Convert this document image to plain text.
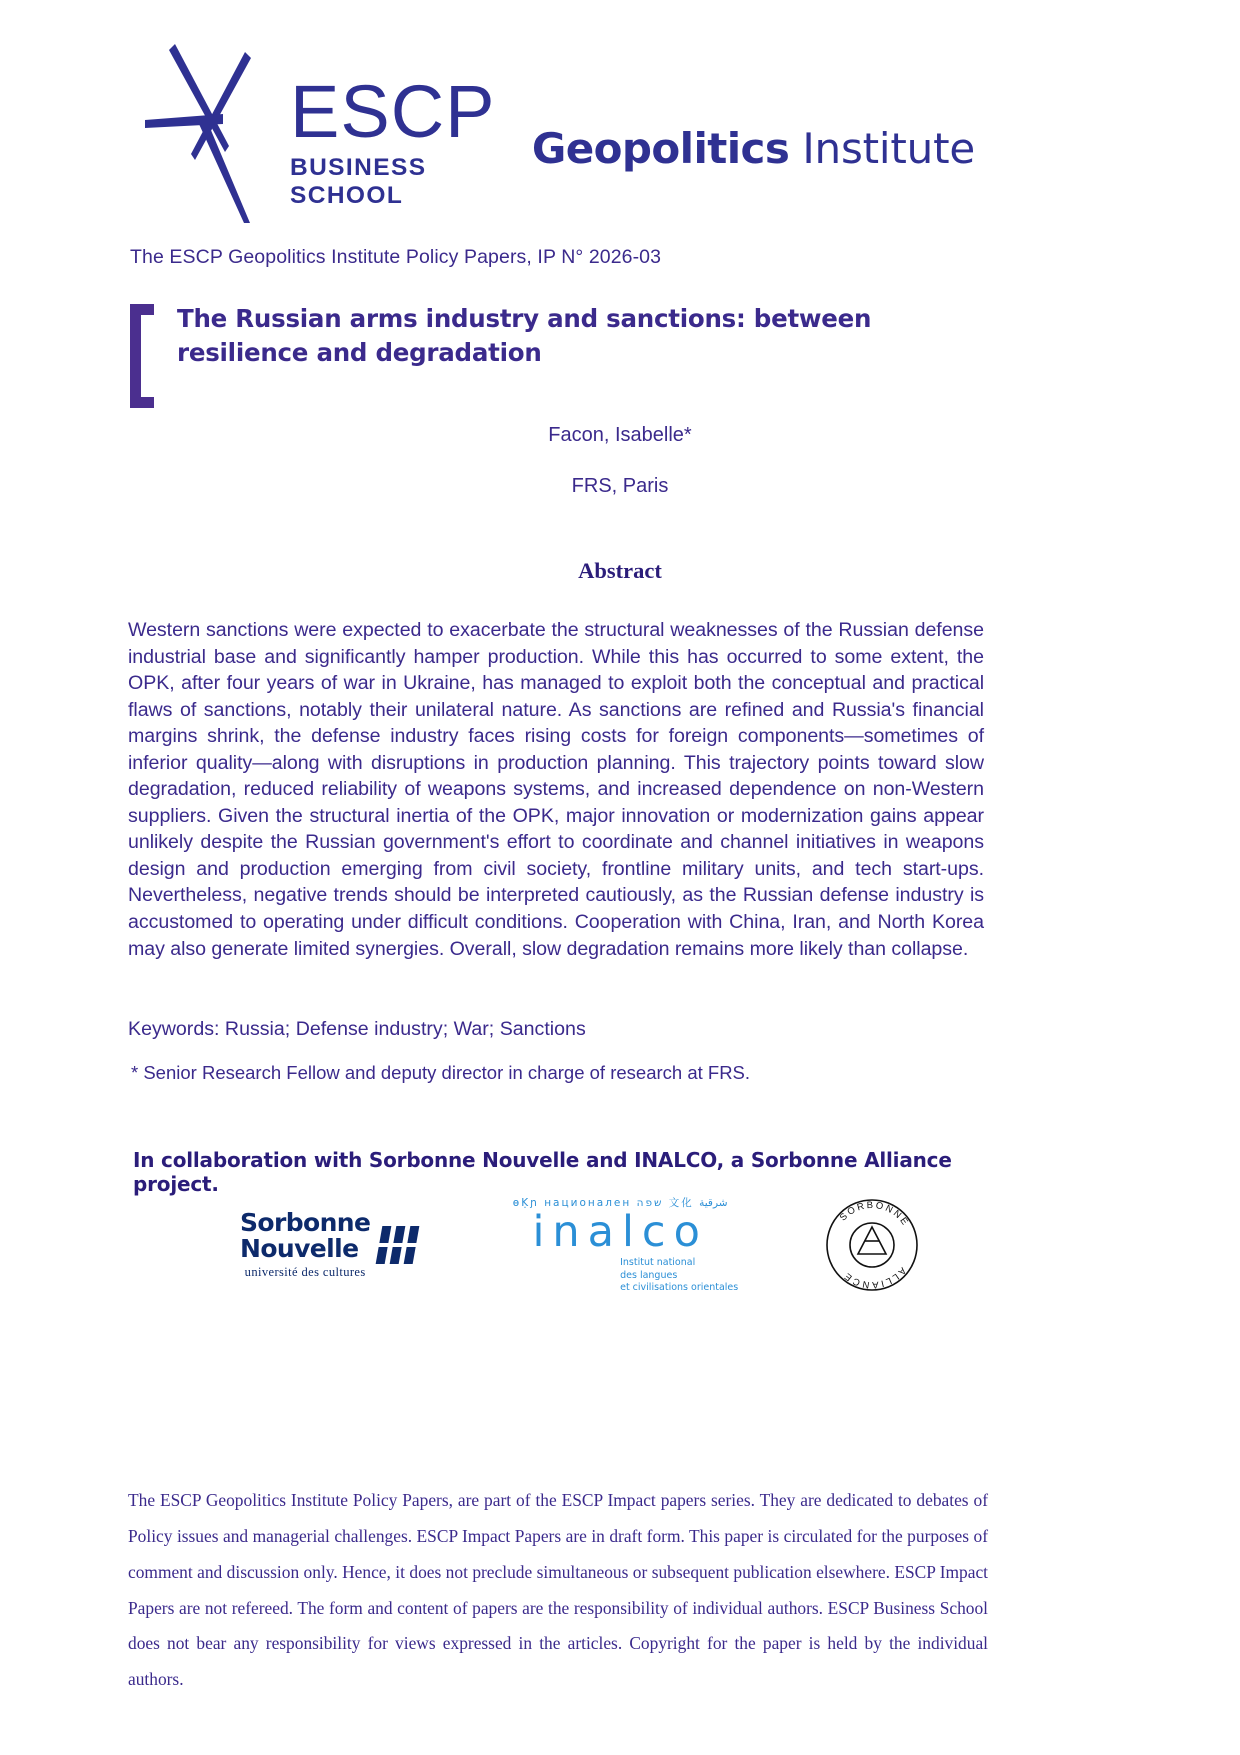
ESCP
BUSINESS SCHOOL
Geopolitics Institute
The ESCP Geopolitics Institute Policy Papers, IP N° 2026-03
The Russian arms industry and sanctions: between resilience and degradation
Facon, Isabelle*
FRS, Paris
Abstract
Western sanctions were expected to exacerbate the structural weaknesses of the Russian defense industrial base and significantly hamper production. While this has occurred to some extent, the OPK, after four years of war in Ukraine, has managed to exploit both the conceptual and practical flaws of sanctions, notably their unilateral nature. As sanctions are refined and Russia's financial margins shrink, the defense industry faces rising costs for foreign components—sometimes of inferior quality—along with disruptions in production planning. This trajectory points toward slow degradation, reduced reliability of weapons systems, and increased dependence on non-Western suppliers. Given the structural inertia of the OPK, major innovation or modernization gains appear unlikely despite the Russian government's effort to coordinate and channel initiatives in weapons design and production emerging from civil society, frontline military units, and tech start-ups. Nevertheless, negative trends should be interpreted cautiously, as the Russian defense industry is accustomed to operating under difficult conditions. Cooperation with China, Iran, and North Korea may also generate limited synergies. Overall, slow degradation remains more likely than collapse.
Keywords: Russia; Defense industry; War; Sanctions
* Senior Research Fellow and deputy director in charge of research at FRS.
In collaboration with Sorbonne Nouvelle and INALCO, a Sorbonne Alliance project.
Sorbonne
Nouvelle
université des cultures
ɵḲɲ национален שפה 文化 شرقية
inalco
Institut national
des langues
et civilisations orientales
SORBONNE
ALLIANCE
The ESCP Geopolitics Institute Policy Papers, are part of the ESCP Impact papers series. They are dedicated to debates of Policy issues and managerial challenges. ESCP Impact Papers are in draft form. This paper is circulated for the purposes of comment and discussion only. Hence, it does not preclude simultaneous or subsequent publication elsewhere. ESCP Impact Papers are not refereed. The form and content of papers are the responsibility of individual authors. ESCP Business School does not bear any responsibility for views expressed in the articles. Copyright for the paper is held by the individual authors.
